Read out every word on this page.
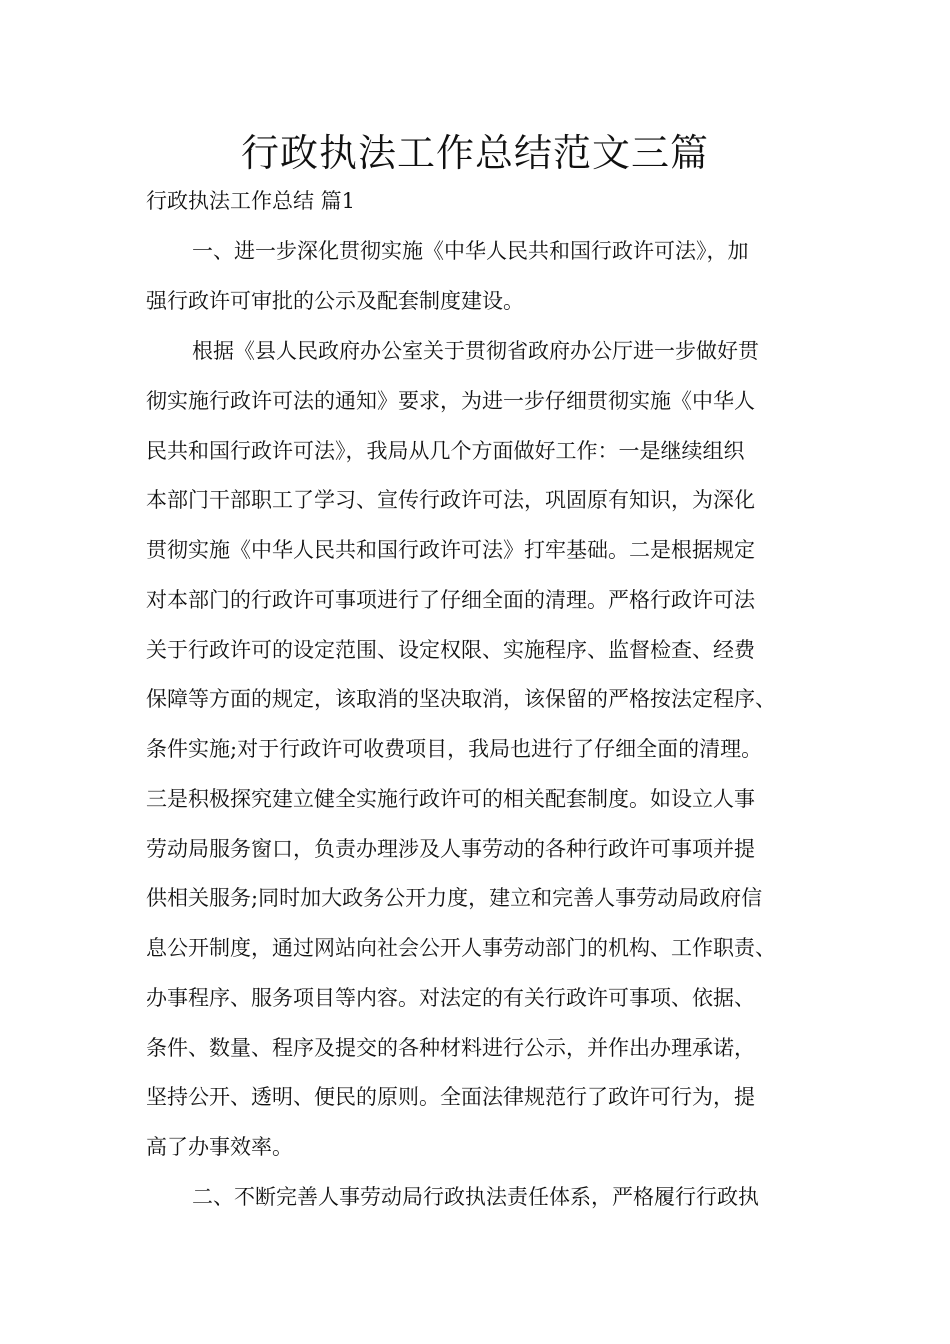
行政执法工作总结范文三篇

行政执法工作总结 篇1

一、进一步深化贯彻实施《中华人民共和国行政许可法》，加

强行政许可审批的公示及配套制度建设。

根据《县人民政府办公室关于贯彻省政府办公厅进一步做好贯

彻实施行政许可法的通知》要求，为进一步仔细贯彻实施《中华人

民共和国行政许可法》，我局从几个方面做好工作：一是继续组织

本部门干部职工了学习、宣传行政许可法，巩固原有知识，为深化

贯彻实施《中华人民共和国行政许可法》打牢基础。二是根据规定

对本部门的行政许可事项进行了仔细全面的清理。严格行政许可法

关于行政许可的设定范围、设定权限、实施程序、监督检查、经费

保障等方面的规定，该取消的坚决取消，该保留的严格按法定程序、

条件实施;对于行政许可收费项目，我局也进行了仔细全面的清理。

三是积极探究建立健全实施行政许可的相关配套制度。如设立人事

劳动局服务窗口，负责办理涉及人事劳动的各种行政许可事项并提

供相关服务;同时加大政务公开力度，建立和完善人事劳动局政府信

息公开制度，通过网站向社会公开人事劳动部门的机构、工作职责、

办事程序、服务项目等内容。对法定的有关行政许可事项、依据、

条件、数量、程序及提交的各种材料进行公示，并作出办理承诺，

坚持公开、透明、便民的原则。全面法律规范行了政许可行为，提

高了办事效率。

二、不断完善人事劳动局行政执法责任体系，严格履行行政执
